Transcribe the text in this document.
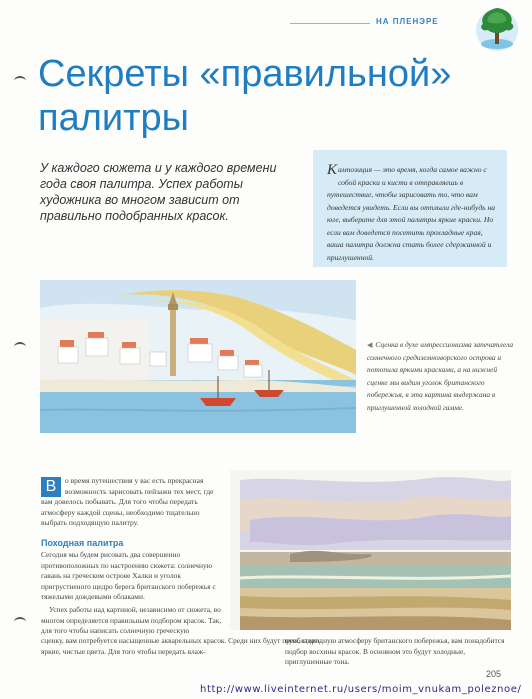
НА ПЛЕНЭРЕ
Секреты «правильной»
палитры
У каждого сюжета и у каждого времени года своя палитра. Успех работы художника во многом зависит от правильно подобранных красок.
Кампозиция — это время, когда самое важно с собой краски и кисти в отправляешь в путешествие, чтобы зарисовать то, что вам доведется увидеть. Если вы отплыли где-нибудь на юге, выберите для этой палитры яркие краски. Но если вам доведется посетить прохладные края, ваша палитра должна стать более сдержанной и приглушенной.
◀ Сценка в духе импрессионизма запечатлела солнечного средиземноморского острова и потопила яркими красками, а на нижней сценке мы видим уголок британского побережья, в эта картина выдержана в приглушенной холодной гамме.
В	о время путешествия у вас есть прекрасная возможность зарисовать пейзажи тех мест, где вам довелось побывать. Для того чтобы передать атмосферу каждой сцены, необходимо тщательно выбрать подходящую палитру.
Походная палитра

Сегодня мы будем рисовать два совершенно противоположных по настроению сюжета: солнечную гавань на греческом острове Халки и уголок пригрустненого щедро берега британского побережья с тяжелыми дождевыми облаками.

Успех работы над картиной, независимо от сюжета, во многом определяется правильным подбором красок. Так, для того чтобы написать солнечную греческую

сценку, вам потребуется насыщенные акварельных красок. Среди них будут преобладать яркие, чистые цвета. Для того чтобы передать влаж-
ную, стеридную атмосферу британского побережья, вам понадобится подбор восхины красок. В основном это будут холодные, приглушенные тона.
205
http://www.liveinternet.ru/users/moim_vnukam_poleznoe/
